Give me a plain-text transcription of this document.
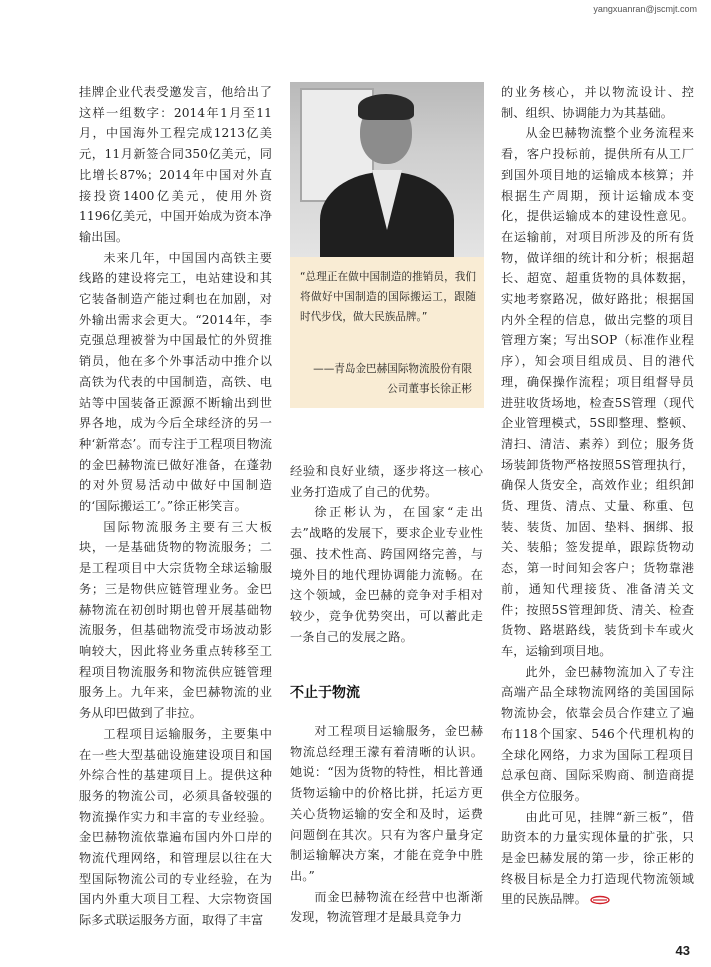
yangxuanran@jscmjt.com

挂牌企业代表受邀发言，他给出了这样一组数字：2014年1月至11月，中国海外工程完成1213亿美元，11月新签合同350亿美元，同比增长87%；2014年中国对外直接投资1400亿美元，使用外资1196亿美元，中国开始成为资本净输出国。

未来几年，中国国内高铁主要线路的建设将完工，电站建设和其它装备制造产能过剩也在加剧，对外输出需求会更大。“2014年，李克强总理被誉为中国最忙的外贸推销员，他在多个外事活动中推介以高铁为代表的中国制造，高铁、电站等中国装备正源源不断输出到世界各地，成为今后全球经济的另一种‘新常态’。而专注于工程项目物流的金巴赫物流已做好准备，在蓬勃的对外贸易活动中做好中国制造的‘国际搬运工’。”徐正彬笑言。

国际物流服务主要有三大板块，一是基础货物的物流服务；二是工程项目中大宗货物全球运输服务；三是物供应链管理业务。金巴赫物流在初创时期也曾开展基础物流服务，但基础物流受市场波动影响较大，因此将业务重点转移至工程项目物流服务和物流供应链管理服务上。九年来，金巴赫物流的业务从印巴做到了非拉。

工程项目运输服务，主要集中在一些大型基础设施建设项目和国外综合性的基建项目上。提供这种服务的物流公司，必须具备较强的物流操作实力和丰富的专业经验。金巴赫物流依靠遍布国内外口岸的物流代理网络，和管理层以往在大型国际物流公司的专业经验，在为国内外重大项目工程、大宗物资国际多式联运服务方面，取得了丰富

“总理正在做中国制造的推销员，我们将做好中国制造的国际搬运工，跟随时代步伐，做大民族品牌。”
——青岛金巴赫国际物流股份有限
公司董事长徐正彬

经验和良好业绩，逐步将这一核心业务打造成了自己的优势。

徐正彬认为，在国家“走出去”战略的发展下，要求企业专业性强、技术性高、跨国网络完善，与境外目的地代理协调能力流畅。在这个领域，金巴赫的竞争对手相对较少，竞争优势突出，可以蓄此走一条自己的发展之路。

不止于物流

对工程项目运输服务，金巴赫物流总经理王濛有着清晰的认识。她说：“因为货物的特性，相比普通货物运输中的价格比拼，托运方更关心货物运输的安全和及时，运费问题倒在其次。只有为客户量身定制运输解决方案，才能在竞争中胜出。”

而金巴赫物流在经营中也渐渐发现，物流管理才是最具竞争力

的业务核心，并以物流设计、控制、组织、协调能力为其基础。

从金巴赫物流整个业务流程来看，客户投标前，提供所有从工厂到国外项目地的运输成本核算；并根据生产周期，预计运输成本变化，提供运输成本的建设性意见。在运输前，对项目所涉及的所有货物，做详细的统计和分析；根据超长、超宽、超重货物的具体数据，实地考察路况，做好路批；根据国内外全程的信息，做出完整的项目管理方案；写出SOP（标准作业程序），知会项目组成员、目的港代理，确保操作流程；项目组督导员进驻收货场地，检查5S管理（现代企业管理模式，5S即整理、整顿、清扫、清洁、素养）到位；服务货场装卸货物严格按照5S管理执行，确保人货安全，高效作业；组织卸货、理货、清点、丈量、称重、包装、装货、加固、垫料、捆绑、报关、装船；签发提单，跟踪货物动态，第一时间知会客户；货物靠港前，通知代理接货、准备清关文件；按照5S管理卸货、清关、检查货物、路堪路线，装货到卡车或火车，运输到项目地。

此外，金巴赫物流加入了专注高端产品全球物流网络的美国国际物流协会，依靠会员合作建立了遍布118个国家、546个代理机构的全球化网络，力求为国际工程项目总承包商、国际采购商、制造商提供全方位服务。

由此可见，挂牌“新三板”，借助资本的力量实现体量的扩张，只是金巴赫发展的第一步，徐正彬的终极目标是全力打造现代物流领域里的民族品牌。

43
